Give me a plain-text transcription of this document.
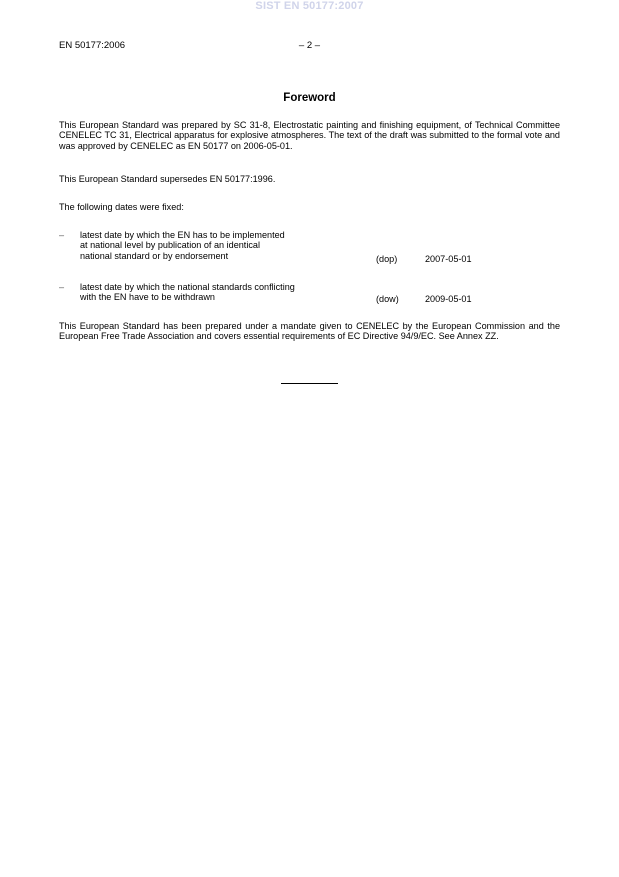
SIST EN 50177:2007
EN 50177:2006	– 2 –
Foreword
This European Standard was prepared by SC 31-8, Electrostatic painting and finishing equipment, of Technical Committee CENELEC TC 31, Electrical apparatus for explosive atmospheres. The text of the draft was submitted to the formal vote and was approved by CENELEC as EN 50177 on 2006-05-01.
This European Standard supersedes EN 50177:1996.
The following dates were fixed:
– latest date by which the EN has to be implemented
at national level by publication of an identical
national standard or by endorsement	(dop)	2007-05-01
– latest date by which the national standards conflicting
with the EN have to be withdrawn	(dow)	2009-05-01
This European Standard has been prepared under a mandate given to CENELEC by the European Commission and the European Free Trade Association and covers essential requirements of EC Directive 94/9/EC. See Annex ZZ.
